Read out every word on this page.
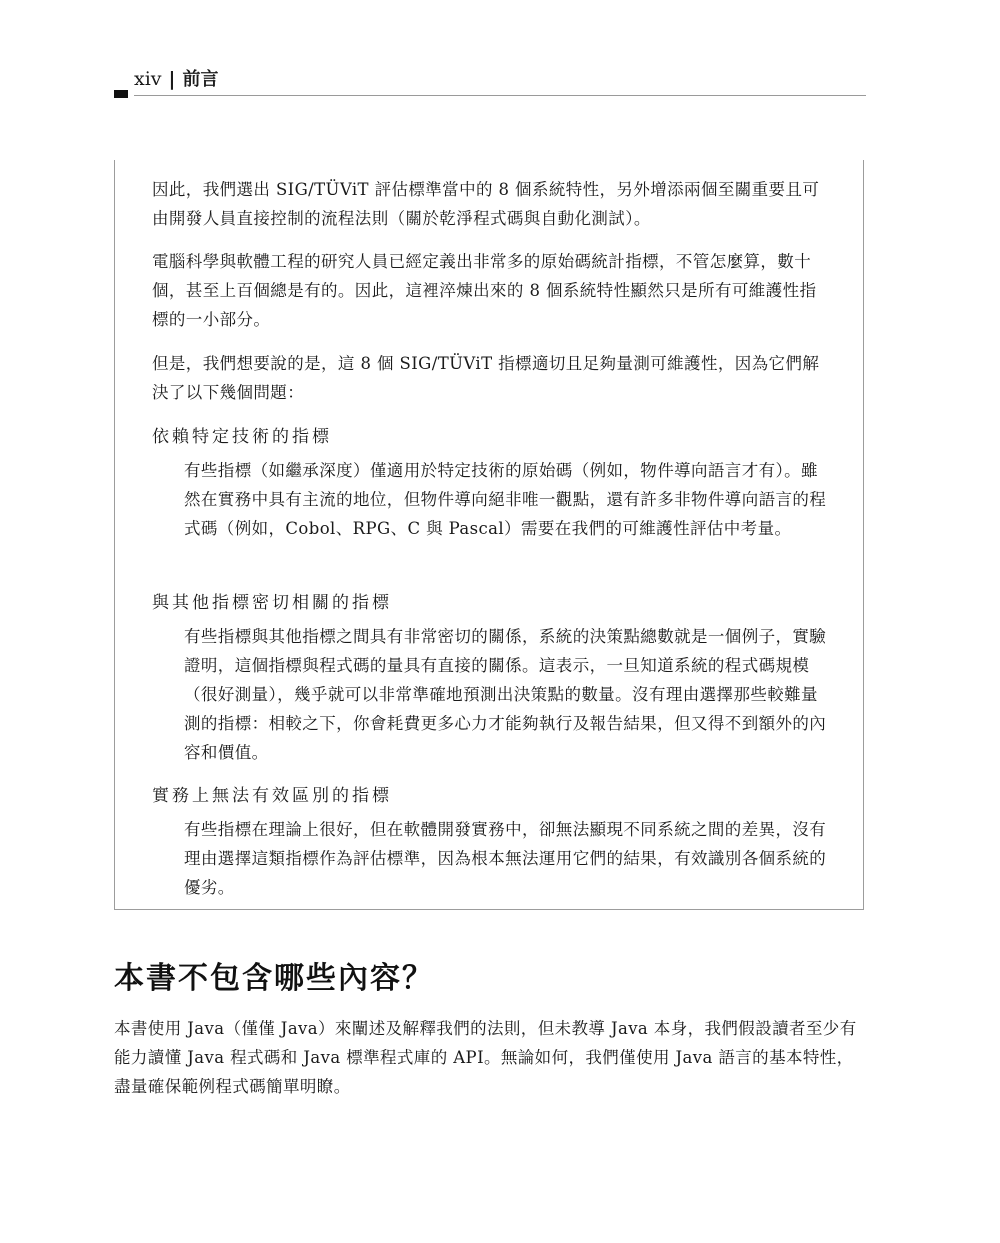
xiv | 前言

因此，我們選出 SIG/TÜViT 評估標準當中的 8 個系統特性，另外增添兩個至關重要且可由開發人員直接控制的流程法則（關於乾淨程式碼與自動化測試）。

電腦科學與軟體工程的研究人員已經定義出非常多的原始碼統計指標，不管怎麼算，數十個，甚至上百個總是有的。因此，這裡淬煉出來的 8 個系統特性顯然只是所有可維護性指標的一小部分。

但是，我們想要說的是，這 8 個 SIG/TÜViT 指標適切且足夠量測可維護性，因為它們解決了以下幾個問題：

依賴特定技術的指標

有些指標（如繼承深度）僅適用於特定技術的原始碼（例如，物件導向語言才有）。雖然在實務中具有主流的地位，但物件導向絕非唯一觀點，還有許多非物件導向語言的程式碼（例如，Cobol、RPG、C 與 Pascal）需要在我們的可維護性評估中考量。

與其他指標密切相關的指標

有些指標與其他指標之間具有非常密切的關係，系統的決策點總數就是一個例子，實驗證明，這個指標與程式碼的量具有直接的關係。這表示，一旦知道系統的程式碼規模（很好測量），幾乎就可以非常準確地預測出決策點的數量。沒有理由選擇那些較難量測的指標：相較之下，你會耗費更多心力才能夠執行及報告結果，但又得不到額外的內容和價值。

實務上無法有效區別的指標

有些指標在理論上很好，但在軟體開發實務中，卻無法顯現不同系統之間的差異，沒有理由選擇這類指標作為評估標準，因為根本無法運用它們的結果，有效識別各個系統的優劣。

本書不包含哪些內容？

本書使用 Java（僅僅 Java）來闡述及解釋我們的法則，但未教導 Java 本身，我們假設讀者至少有能力讀懂 Java 程式碼和 Java 標準程式庫的 API。無論如何，我們僅使用 Java 語言的基本特性，盡量確保範例程式碼簡單明瞭。
